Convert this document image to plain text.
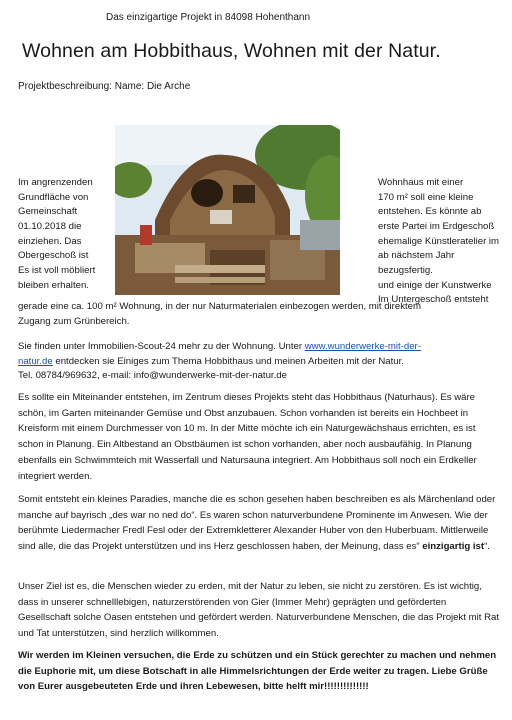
Das einzigartige Projekt in 84098 Hohenthann
Wohnen am Hobbithaus, Wohnen mit der Natur.
Projektbeschreibung: Name: Die Arche
Im angrenzenden
Grundfläche von
Gemeinschaft
01.10.2018 die
einziehen. Das
Obergeschoß ist
Es ist voll möbliert
bleiben erhalten.
Wohnhaus mit einer
170 m² soll eine kleine
entstehen. Es könnte ab
erste Partei im Erdgeschoß
ehemalige Künstleratelier im
ab nächstem Jahr bezugsfertig.
und einige der Kunstwerke
Im Untergeschoß entsteht
gerade eine ca. 100 m² Wohnung, in der nur Naturmaterialen einbezogen werden, mit direktem
Zugang zum Grünbereich.
Sie finden unter Immobilien-Scout-24 mehr zu der Wohnung. Unter www.wunderwerke-mit-der-
natur.de entdecken sie Einiges zum Thema Hobbithaus und meinen Arbeiten mit der Natur.
Tel. 08784/969632, e-mail: info@wunderwerke-mit-der-natur.de

Es sollte ein Miteinander entstehen, im Zentrum dieses Projekts steht das Hobbithaus (Naturhaus). Es wäre schön, im Garten miteinander Gemüse und Obst anzubauen. Schon vorhanden ist bereits ein Hochbeet in Kreisform mit einem Durchmesser von 10 m. In der Mitte möchte ich ein Naturgewächshaus errichten, es ist schon in Planung. Ein Altbestand an Obstbäumen ist schon vorhanden, aber noch ausbaufähig. In Planung ebenfalls ein Schwimmteich mit Wasserfall und Natursauna integriert. Am Hobbithaus soll noch ein Erdkeller integriert werden.

Somit entsteht ein kleines Paradies, manche die es schon gesehen haben beschreiben es als Märchenland oder manche auf bayrisch „des war no ned do“. Es waren schon naturverbundene Prominente im Anwesen. Wie der berühmte Liedermacher Fredl Fesl oder der Extremkletterer Alexander Huber von den Huberbuam. Mittlerweile sind alle, die das Projekt unterstützen und ins Herz geschlossen haben, der Meinung, dass es“ einzigartig ist“.

Unser Ziel ist es, die Menschen wieder zu erden, mit der Natur zu leben, sie nicht zu zerstören. Es ist wichtig, dass in unserer schnelllebigen, naturzerstörenden von Gier (Immer Mehr) geprägten und geförderten Gesellschaft solche Oasen entstehen und gefördert werden. Naturverbundene Menschen, die das Projekt mit Rat und Tat unterstützen, sind herzlich willkommen.

Wir werden im Kleinen versuchen, die Erde zu schützen und ein Stück gerechter zu machen und nehmen die Euphorie mit, um diese Botschaft in alle Himmelsrichtungen der Erde weiter zu tragen. Liebe Grüße von Eurer ausgebeuteten Erde und ihren Lebewesen, bitte helft mir!!!!!!!!!!!!!!
